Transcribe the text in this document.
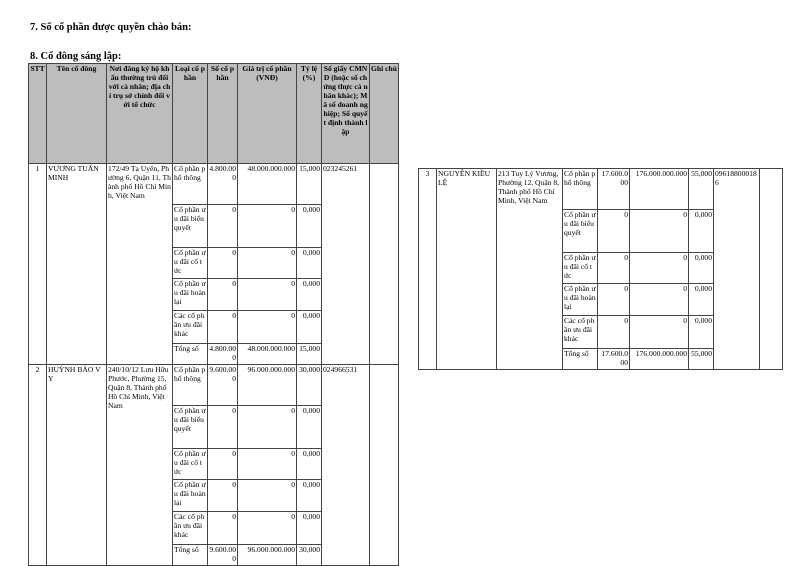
7. Số cổ phần được quyền chào bán:
8. Cổ đông sáng lập:
STT	Tên cổ đông	Nơi đăng ký hộ khẩu thường trú đối với cá nhân; địa chỉ trụ sở chính đối với tổ chức	Loại cổ phần	Số cổ phần	Giá trị cổ phần (VNĐ)	Tỷ lệ (%)	Số giấy CMND (hoặc số chứng thực cá nhân khác); Mã số doanh nghiệp; Số quyết định thành lập	Ghi chú
1	VƯƠNG TUẤN MINH	172/49 Tạ Uyên, Phường 6, Quận 11, Thành phố Hồ Chí Minh, Việt Nam	Cổ phần phổ thông	4.800.000	48.000.000.000	15,000	023245261	
			Cổ phần ưu đãi biểu quyết	0	0	0,000		
			Cổ phần ưu đãi cổ tức	0	0	0,000		
			Cổ phần ưu đãi hoàn lại	0	0	0,000		
			Các cổ phần ưu đãi khác	0	0	0,000		
			Tổng số	4.800.000	48.000.000.000	15,000		
2	HUỲNH BẢO VY	240/10/12 Lưu Hữu Phước, Phường 15, Quận 8, Thành phố Hồ Chí Minh, Việt Nam	Cổ phần phổ thông	9.600.000	96.000.000.000	30,000	024966531	
			Cổ phần ưu đãi biểu quyết	0	0	0,000		
			Cổ phần ưu đãi cổ tức	0	0	0,000		
			Cổ phần ưu đãi hoàn lại	0	0	0,000		
			Các cổ phần ưu đãi khác	0	0	0,000		
			Tổng số	9.600.000	96.000.000.000	30,000		
3	NGUYỄN KIỀU LỆ	213 Tuy Lý Vương, Phường 12, Quận 8, Thành phố Hồ Chí Minh, Việt Nam	Cổ phần phổ thông	17.600.000	176.000.000.000	55,000	096188000186	
			Cổ phần ưu đãi biểu quyết	0	0	0,000		
			Cổ phần ưu đãi cổ tức	0	0	0,000		
			Cổ phần ưu đãi hoàn lại	0	0	0,000		
			Các cổ phần ưu đãi khác	0	0	0,000		
			Tổng số	17.600.000	176.000.000.000	55,000		
